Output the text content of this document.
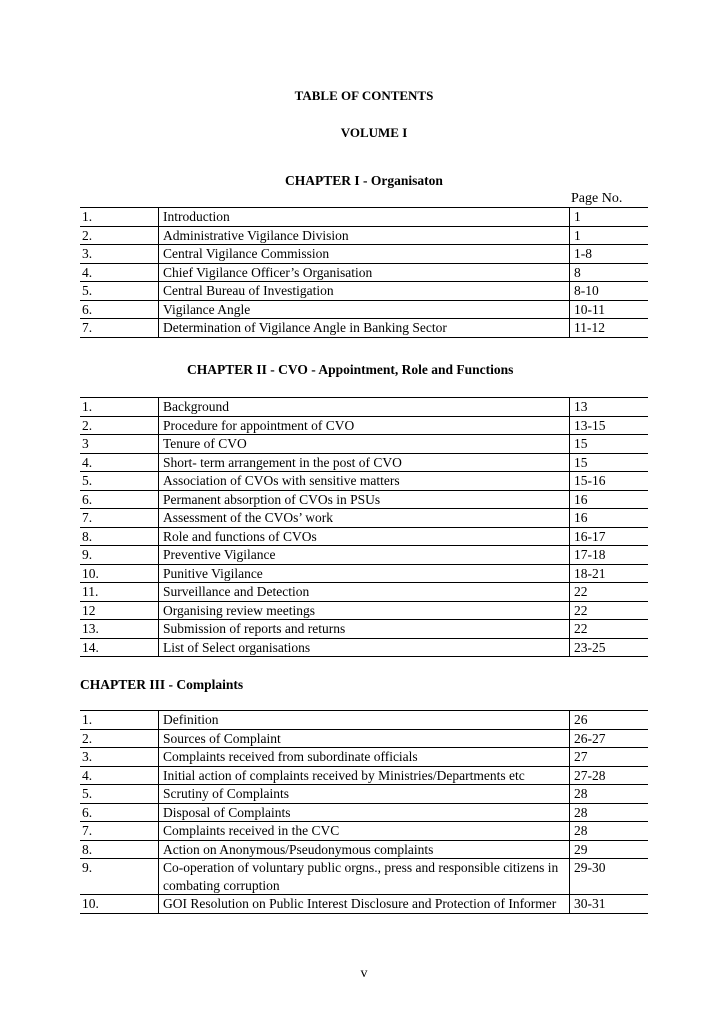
TABLE OF CONTENTS
VOLUME I
CHAPTER I - Organisaton
Page No.
1.	Introduction	1
2.	Administrative Vigilance Division	1
3.	Central Vigilance Commission	1-8
4.	Chief Vigilance Officer’s Organisation	8
5.	Central Bureau of Investigation	8-10
6.	Vigilance Angle	10-11
7.	Determination of Vigilance Angle in Banking Sector	11-12
CHAPTER II - CVO - Appointment, Role and Functions
1.	Background	13
2.	Procedure for appointment of CVO	13-15
3	Tenure of CVO	15
4.	Short- term arrangement in the post of CVO	15
5.	Association of CVOs with sensitive matters	15-16
6.	Permanent absorption of CVOs in PSUs	16
7.	Assessment of the CVOs’ work	16
8.	Role and functions of CVOs	16-17
9.	Preventive Vigilance	17-18
10.	Punitive Vigilance	18-21
11.	Surveillance and Detection	22
12	Organising review meetings	22
13.	Submission of reports and returns	22
14.	List of Select organisations	23-25
CHAPTER III - Complaints
1.	Definition	26
2.	Sources of Complaint	26-27
3.	Complaints received from subordinate officials	27
4.	Initial action of complaints received by Ministries/Departments etc	27-28
5.	Scrutiny of Complaints	28
6.	Disposal of Complaints	28
7.	Complaints received in the CVC	28
8.	Action on Anonymous/Pseudonymous complaints	29
9.	Co-operation of voluntary public orgns., press and responsible citizens in combating corruption	29-30
10.	GOI Resolution on Public Interest Disclosure and Protection of Informer	30-31
v
